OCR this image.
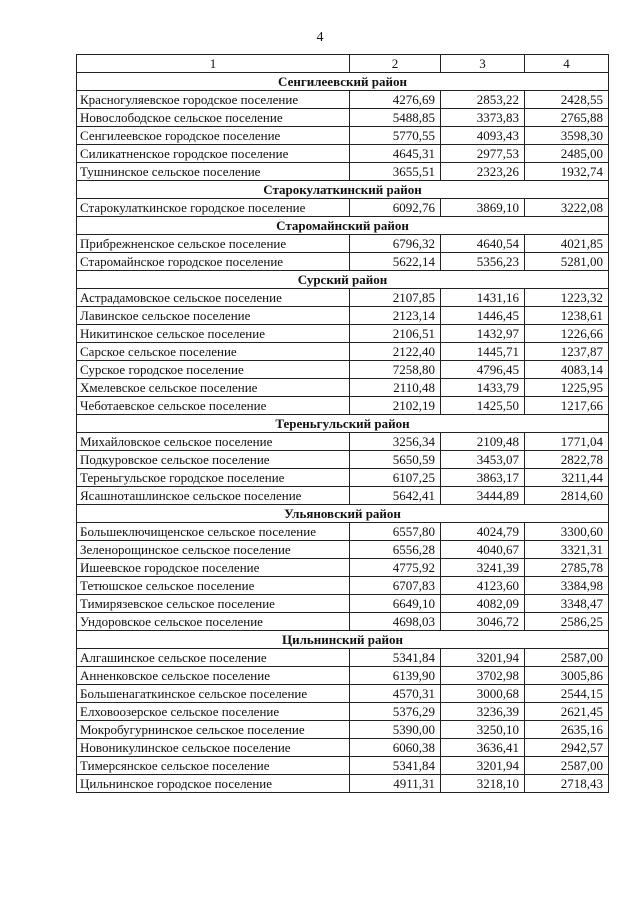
4
1	2	3	4
Сенгилеевский район			
Красногуляевское городское поселение	4276,69	2853,22	2428,55
Новослободское сельское поселение	5488,85	3373,83	2765,88
Сенгилеевское городское поселение	5770,55	4093,43	3598,30
Силикатненское городское поселение	4645,31	2977,53	2485,00
Тушнинское сельское поселение	3655,51	2323,26	1932,74
Старокулаткинский район			
Старокулаткинское городское поселение	6092,76	3869,10	3222,08
Старомайнский район			
Прибрежненское сельское поселение	6796,32	4640,54	4021,85
Старомайнское городское поселение	5622,14	5356,23	5281,00
Сурский район			
Астрадамовское сельское поселение	2107,85	1431,16	1223,32
Лавинское сельское поселение	2123,14	1446,45	1238,61
Никитинское сельское поселение	2106,51	1432,97	1226,66
Сарское сельское поселение	2122,40	1445,71	1237,87
Сурское городское поселение	7258,80	4796,45	4083,14
Хмелевское сельское поселение	2110,48	1433,79	1225,95
Чеботаевское сельское поселение	2102,19	1425,50	1217,66
Тереньгульский район			
Михайловское сельское поселение	3256,34	2109,48	1771,04
Подкуровское сельское поселение	5650,59	3453,07	2822,78
Тереньгульское городское поселение	6107,25	3863,17	3211,44
Ясашноташлинское сельское поселение	5642,41	3444,89	2814,60
Ульяновский район			
Большеключищенское сельское поселение	6557,80	4024,79	3300,60
Зеленорощинское сельское поселение	6556,28	4040,67	3321,31
Ишеевское городское поселение	4775,92	3241,39	2785,78
Тетюшское сельское поселение	6707,83	4123,60	3384,98
Тимирязевское сельское поселение	6649,10	4082,09	3348,47
Ундоровское сельское поселение	4698,03	3046,72	2586,25
Цильнинский район			
Алгашинское сельское поселение	5341,84	3201,94	2587,00
Анненковское сельское поселение	6139,90	3702,98	3005,86
Большенагаткинское сельское поселение	4570,31	3000,68	2544,15
Елховоозерское сельское поселение	5376,29	3236,39	2621,45
Мокробугурнинское сельское поселение	5390,00	3250,10	2635,16
Новоникулинское сельское поселение	6060,38	3636,41	2942,57
Тимерсянское сельское поселение	5341,84	3201,94	2587,00
Цильнинское городское поселение	4911,31	3218,10	2718,43
